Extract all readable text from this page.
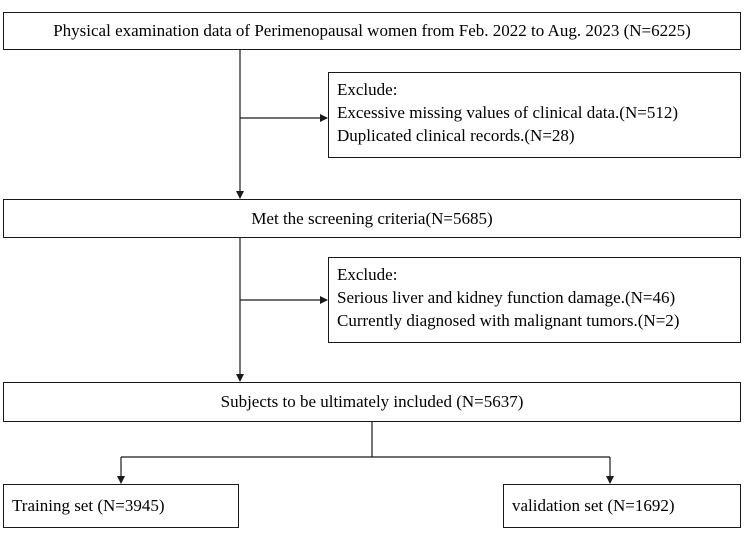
Physical examination data of Perimenopausal women from Feb. 2022 to Aug. 2023 (N=6225)
Exclude:
Excessive missing values of clinical data.(N=512)
Duplicated clinical records.(N=28)
Met the screening criteria(N=5685)
Exclude:
Serious liver and kidney function damage.(N=46)
Currently diagnosed with malignant tumors.(N=2)
Subjects to be ultimately included (N=5637)
Training set (N=3945)	validation set (N=1692)
